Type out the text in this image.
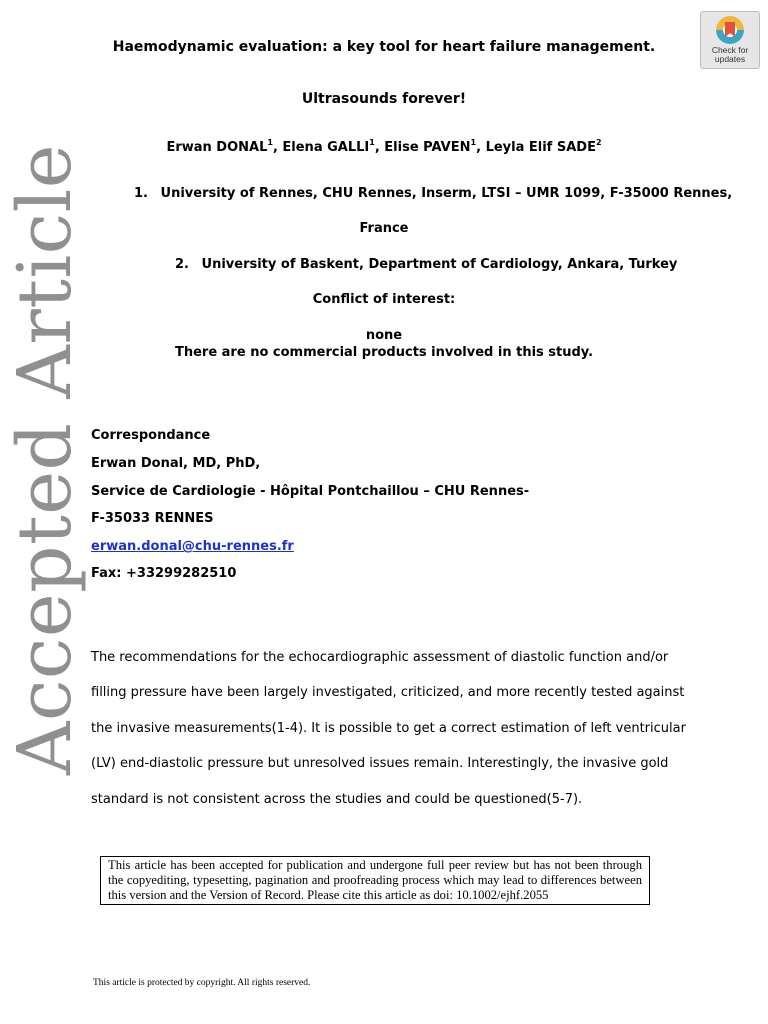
Accepted Article
Check for
updates
Haemodynamic evaluation: a key tool for heart failure management.
Ultrasounds forever!
Erwan DONAL$^1$, Elena GALLI$^1$, Elise PAVEN$^1$, Leyla Elif SADE$^2$
1. University of Rennes, CHU Rennes, Inserm, LTSI – UMR 1099, F-35000 Rennes,
France
2. University of Baskent, Department of Cardiology, Ankara, Turkey
Conflict of interest:
none
There are no commercial products involved in this study.
Correspondance
Erwan Donal, MD, PhD,
Service de Cardiologie - Hôpital Pontchaillou – CHU Rennes-
F-35033 RENNES
erwan.donal@chu-rennes.fr
Fax: +33299282510
The recommendations for the echocardiographic assessment of diastolic function and/or
filling pressure have been largely investigated, criticized, and more recently tested against
the invasive measurements(1-4). It is possible to get a correct estimation of left ventricular
(LV) end-diastolic pressure but unresolved issues remain. Interestingly, the invasive gold
standard is not consistent across the studies and could be questioned(5-7).
This article has been accepted for publication and undergone full peer review but has not been through the copyediting, typesetting, pagination and proofreading process which may lead to differences between this version and the Version of Record. Please cite this article as doi: 10.1002/ejhf.2055
This article is protected by copyright. All rights reserved.
